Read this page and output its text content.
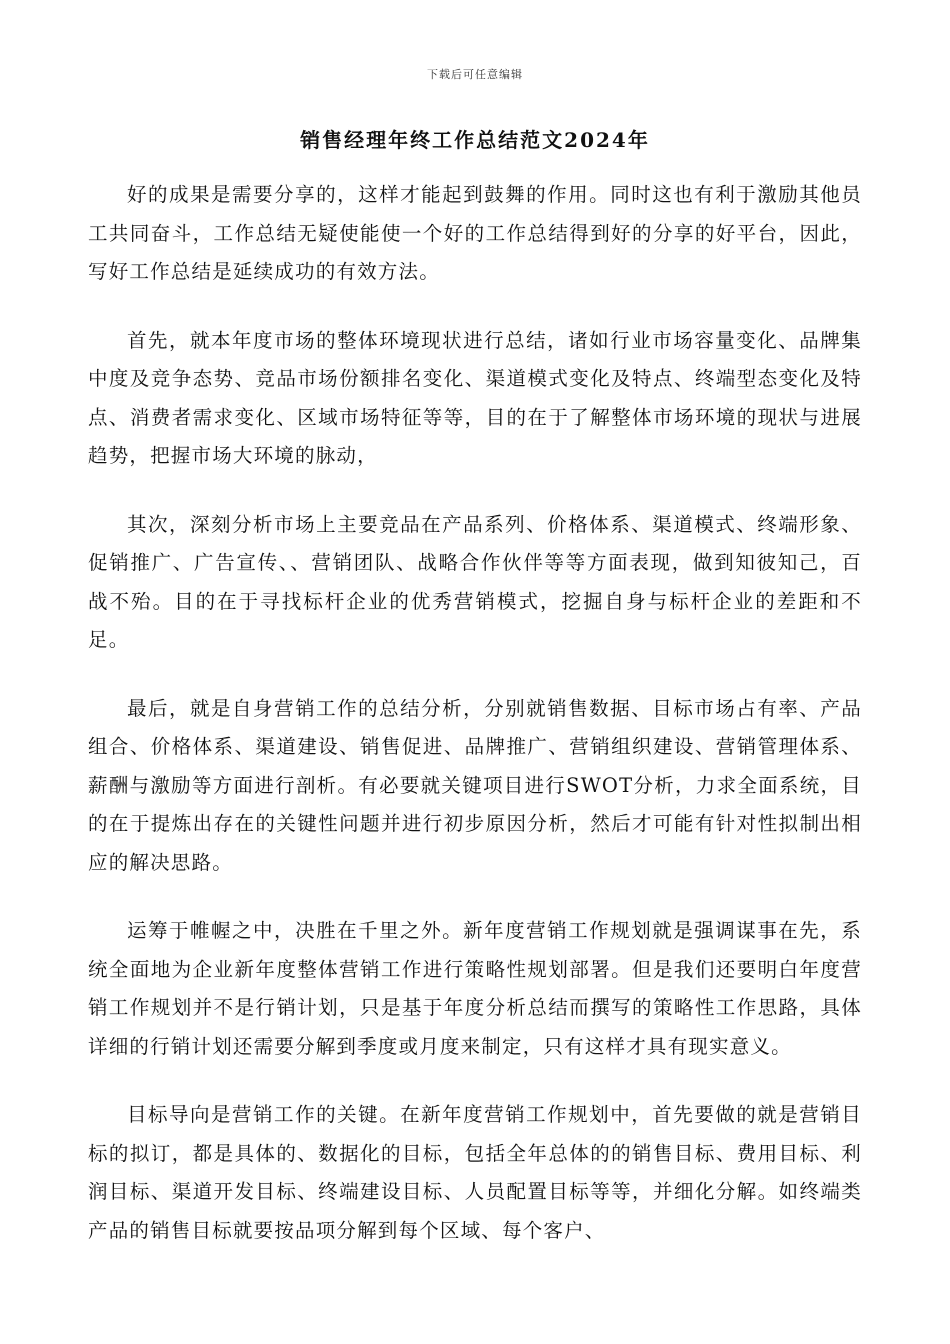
下载后可任意编辑
销售经理年终工作总结范文2024年

好的成果是需要分享的，这样才能起到鼓舞的作用。同时这也有利于激励其他员工共同奋斗，工作总结无疑使能使一个好的工作总结得到好的分享的好平台，因此，写好工作总结是延续成功的有效方法。

首先，就本年度市场的整体环境现状进行总结，诸如行业市场容量变化、品牌集中度及竞争态势、竞品市场份额排名变化、渠道模式变化及特点、终端型态变化及特点、消费者需求变化、区域市场特征等等，目的在于了解整体市场环境的现状与进展趋势，把握市场大环境的脉动，

其次，深刻分析市场上主要竞品在产品系列、价格体系、渠道模式、终端形象、促销推广、广告宣传、、营销团队、战略合作伙伴等等方面表现，做到知彼知己，百战不殆。目的在于寻找标杆企业的优秀营销模式，挖掘自身与标杆企业的差距和不足。

最后，就是自身营销工作的总结分析，分别就销售数据、目标市场占有率、产品组合、价格体系、渠道建设、销售促进、品牌推广、营销组织建设、营销管理体系、薪酬与激励等方面进行剖析。有必要就关键项目进行SWOT分析，力求全面系统，目的在于提炼出存在的关键性问题并进行初步原因分析，然后才可能有针对性拟制出相应的解决思路。

运筹于帷幄之中，决胜在千里之外。新年度营销工作规划就是强调谋事在先，系统全面地为企业新年度整体营销工作进行策略性规划部署。但是我们还要明白年度营销工作规划并不是行销计划，只是基于年度分析总结而撰写的策略性工作思路，具体详细的行销计划还需要分解到季度或月度来制定，只有这样才具有现实意义。

目标导向是营销工作的关键。在新年度营销工作规划中，首先要做的就是营销目标的拟订，都是具体的、数据化的目标，包括全年总体的的销售目标、费用目标、利润目标、渠道开发目标、终端建设目标、人员配置目标等等，并细化分解。如终端类产品的销售目标就要按品项分解到每个区域、每个客户、
